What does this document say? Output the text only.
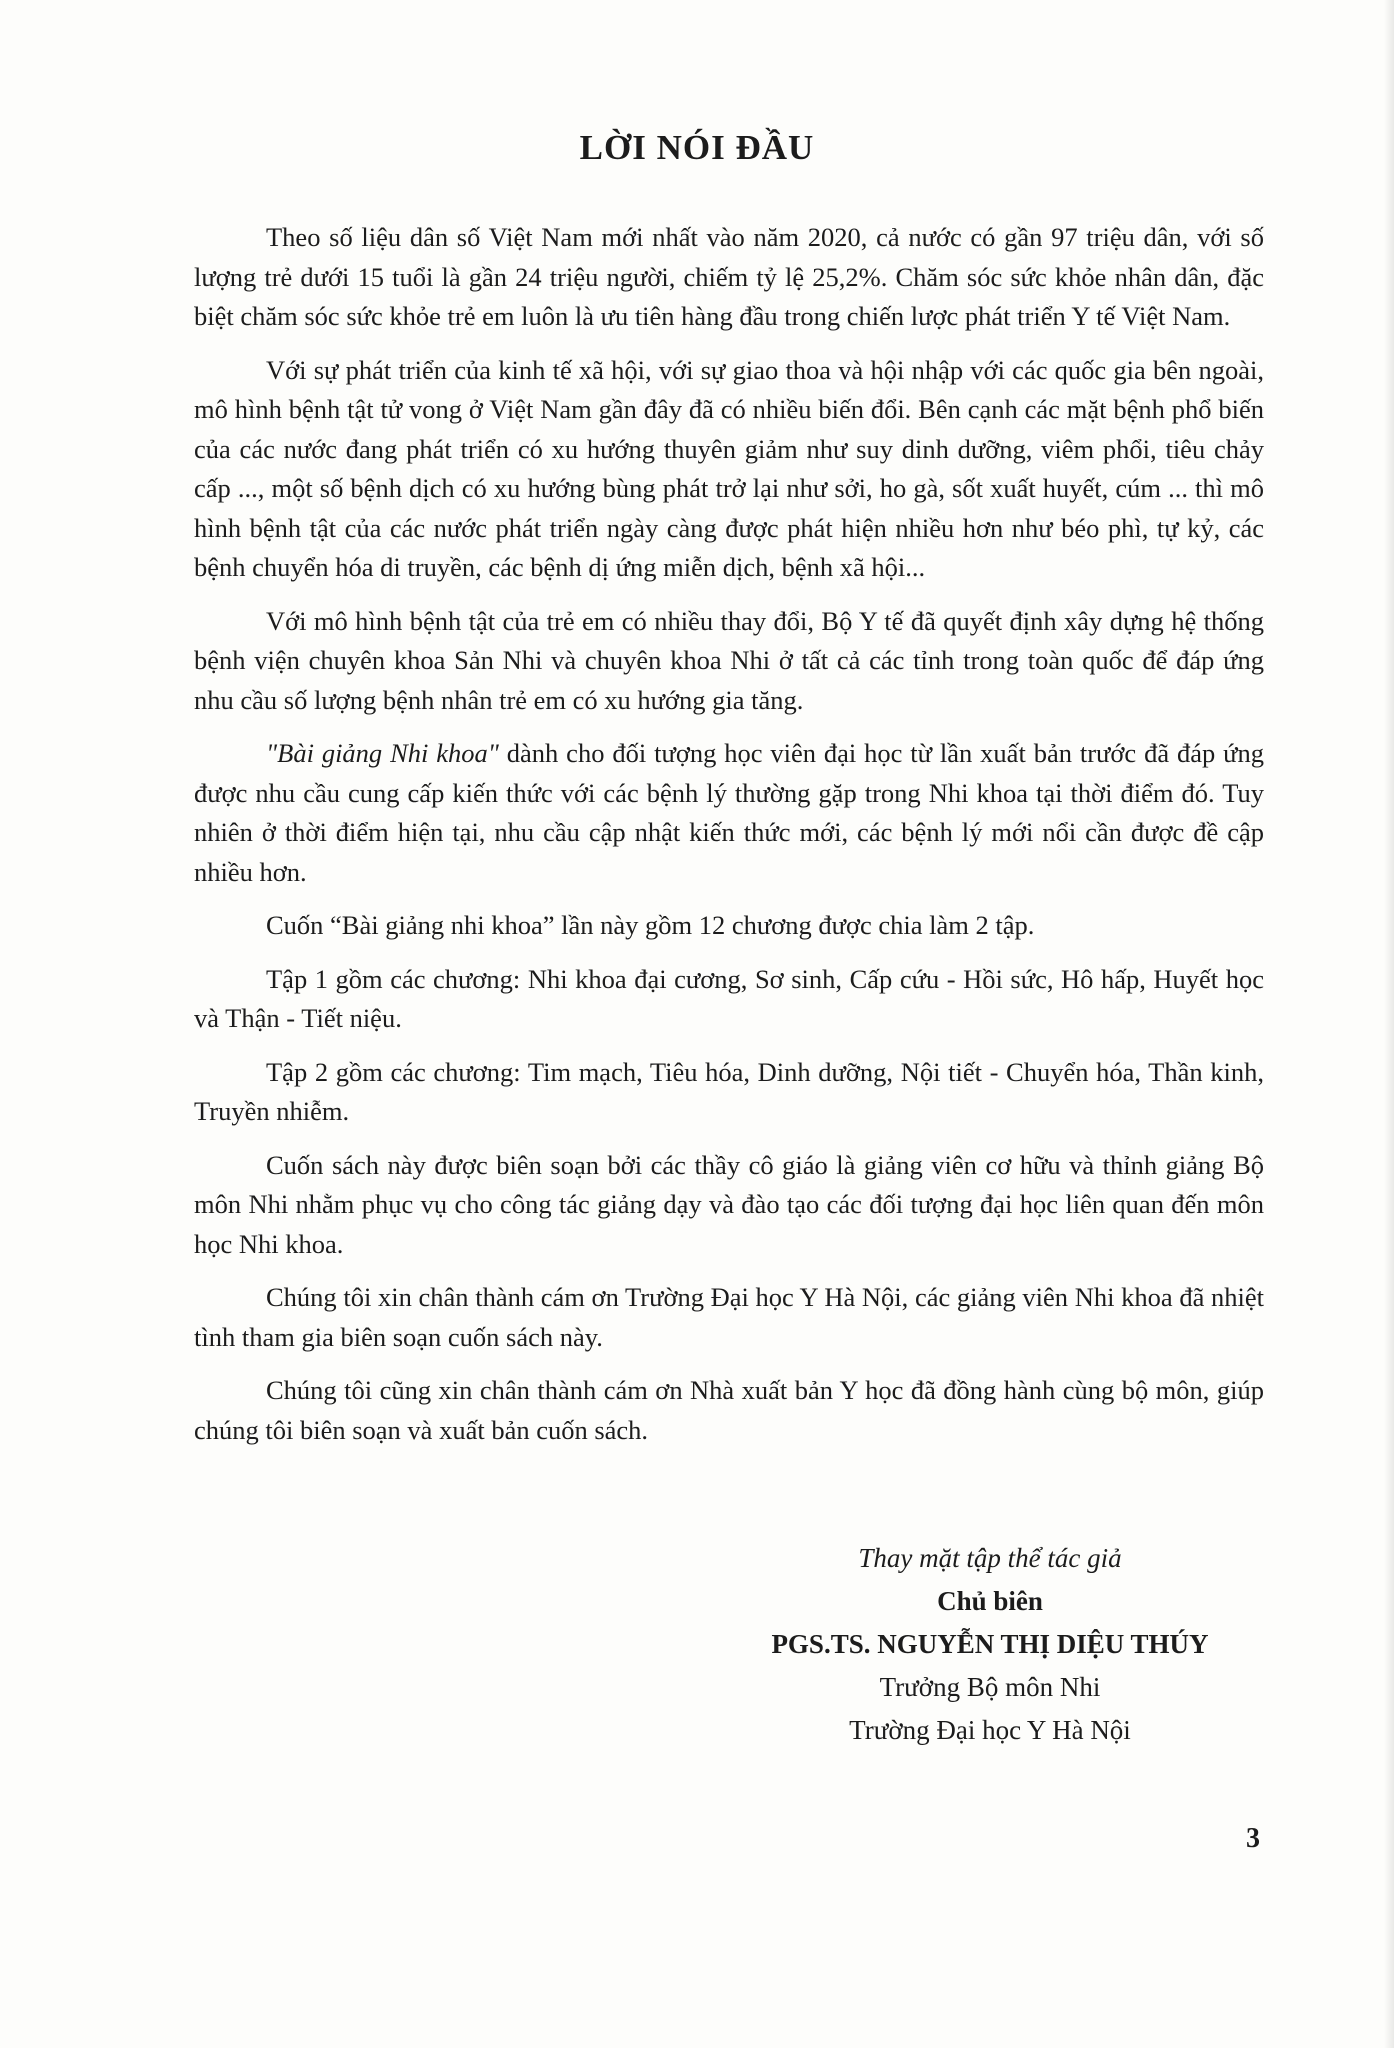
LỜI NÓI ĐẦU

Theo số liệu dân số Việt Nam mới nhất vào năm 2020, cả nước có gần 97 triệu dân, với số lượng trẻ dưới 15 tuổi là gần 24 triệu người, chiếm tỷ lệ 25,2%. Chăm sóc sức khỏe nhân dân, đặc biệt chăm sóc sức khỏe trẻ em luôn là ưu tiên hàng đầu trong chiến lược phát triển Y tế Việt Nam.

Với sự phát triển của kinh tế xã hội, với sự giao thoa và hội nhập với các quốc gia bên ngoài, mô hình bệnh tật tử vong ở Việt Nam gần đây đã có nhiều biến đổi. Bên cạnh các mặt bệnh phổ biến của các nước đang phát triển có xu hướng thuyên giảm như suy dinh dưỡng, viêm phổi, tiêu chảy cấp ..., một số bệnh dịch có xu hướng bùng phát trở lại như sởi, ho gà, sốt xuất huyết, cúm ... thì mô hình bệnh tật của các nước phát triển ngày càng được phát hiện nhiều hơn như béo phì, tự kỷ, các bệnh chuyển hóa di truyền, các bệnh dị ứng miễn dịch, bệnh xã hội...

Với mô hình bệnh tật của trẻ em có nhiều thay đổi, Bộ Y tế đã quyết định xây dựng hệ thống bệnh viện chuyên khoa Sản Nhi và chuyên khoa Nhi ở tất cả các tỉnh trong toàn quốc để đáp ứng nhu cầu số lượng bệnh nhân trẻ em có xu hướng gia tăng.

"Bài giảng Nhi khoa" dành cho đối tượng học viên đại học từ lần xuất bản trước đã đáp ứng được nhu cầu cung cấp kiến thức với các bệnh lý thường gặp trong Nhi khoa tại thời điểm đó. Tuy nhiên ở thời điểm hiện tại, nhu cầu cập nhật kiến thức mới, các bệnh lý mới nổi cần được đề cập nhiều hơn.

Cuốn “Bài giảng nhi khoa” lần này gồm 12 chương được chia làm 2 tập.

Tập 1 gồm các chương: Nhi khoa đại cương, Sơ sinh, Cấp cứu - Hồi sức, Hô hấp, Huyết học và Thận - Tiết niệu.

Tập 2 gồm các chương: Tim mạch, Tiêu hóa, Dinh dưỡng, Nội tiết - Chuyển hóa, Thần kinh, Truyền nhiễm.

Cuốn sách này được biên soạn bởi các thầy cô giáo là giảng viên cơ hữu và thỉnh giảng Bộ môn Nhi nhằm phục vụ cho công tác giảng dạy và đào tạo các đối tượng đại học liên quan đến môn học Nhi khoa.

Chúng tôi xin chân thành cám ơn Trường Đại học Y Hà Nội, các giảng viên Nhi khoa đã nhiệt tình tham gia biên soạn cuốn sách này.

Chúng tôi cũng xin chân thành cám ơn Nhà xuất bản Y học đã đồng hành cùng bộ môn, giúp chúng tôi biên soạn và xuất bản cuốn sách.

Thay mặt tập thể tác giả
Chủ biên
PGS.TS. NGUYỄN THỊ DIỆU THÚY
Trưởng Bộ môn Nhi
Trường Đại học Y Hà Nội
3
